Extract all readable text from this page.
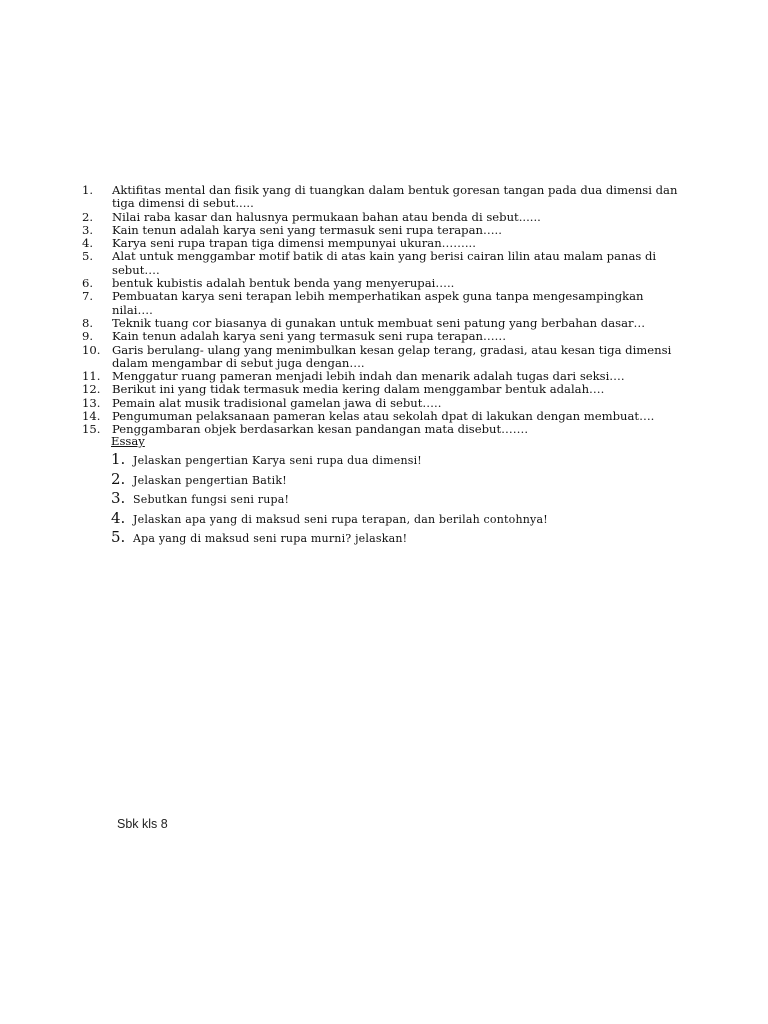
1.	Aktifitas mental dan fisik yang di tuangkan dalam bentuk goresan tangan pada dua dimensi dan tiga dimensi di sebut.....
2.	Nilai raba kasar dan halusnya permukaan bahan atau benda di sebut......
3.	Kain tenun adalah karya seni yang termasuk seni rupa terapan…..
4.	Karya seni rupa trapan tiga dimensi mempunyai ukuran……...
5.	Alat untuk menggambar motif batik di atas kain yang berisi cairan lilin atau malam panas di sebut….
6.	bentuk kubistis adalah bentuk benda yang menyerupai…..
7.	Pembuatan karya seni terapan lebih memperhatikan aspek guna tanpa mengesampingkan nilai….
8.	Teknik tuang cor biasanya di gunakan untuk membuat seni patung yang berbahan dasar…
9.	Kain tenun adalah karya seni yang termasuk seni rupa terapan……
10. Garis berulang- ulang yang menimbulkan kesan gelap terang, gradasi, atau kesan tiga dimensi dalam mengambar di sebut juga dengan….
11. Menggatur ruang pameran menjadi lebih indah dan menarik adalah tugas dari seksi….
12. Berikut ini yang tidak termasuk media kering dalam menggambar bentuk adalah….
13. Pemain alat musik tradisional gamelan jawa di sebut…..
14. Pengumuman pelaksanaan pameran kelas atau sekolah dpat di lakukan dengan membuat….
15. Penggambaran objek berdasarkan kesan pandangan mata disebut…….
Essay
1. Jelaskan pengertian Karya seni rupa dua dimensi!
2. Jelaskan pengertian Batik!
3. Sebutkan fungsi seni rupa!
4. Jelaskan apa yang di maksud seni rupa terapan, dan berilah contohnya!
5. Apa yang di maksud seni rupa murni? jelaskan!
Sbk kls 8
